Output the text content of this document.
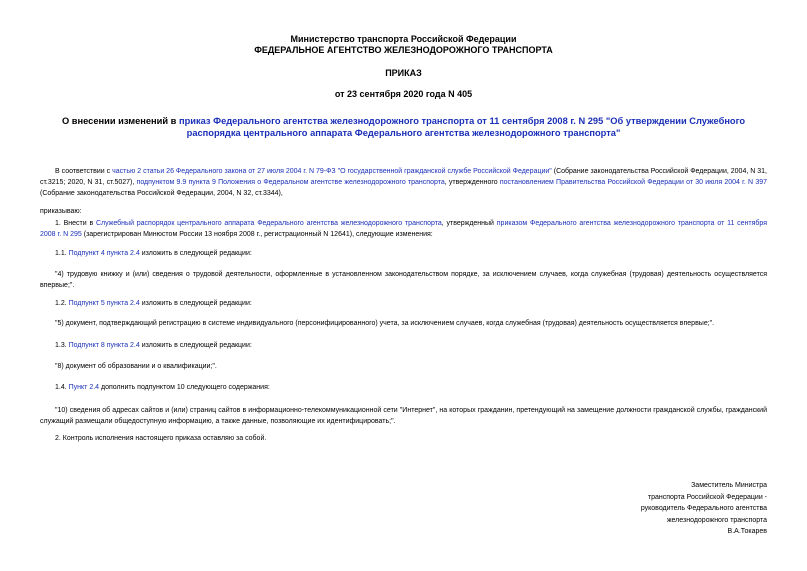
Министерство транспорта Российской Федерации
ФЕДЕРАЛЬНОЕ АГЕНТСТВО ЖЕЛЕЗНОДОРОЖНОГО ТРАНСПОРТА
ПРИКАЗ
от 23 сентября 2020 года N 405
О внесении изменений в приказ Федерального агентства железнодорожного транспорта от 11 сентября 2008 г. N 295 "Об утверждении Служебного распорядка центрального аппарата Федерального агентства железнодорожного транспорта"
В соответствии с частью 2 статьи 26 Федерального закона от 27 июля 2004 г. N 79-ФЗ "О государственной гражданской службе Российской Федерации" (Собрание законодательства Российской Федерации, 2004, N 31, ст.3215; 2020, N 31, ст.5027), подпунктом 9.9 пункта 9 Положения о Федеральном агентстве железнодорожного транспорта, утвержденного постановлением Правительства Российской Федерации от 30 июля 2004 г. N 397 (Собрание законодательства Российской Федерации, 2004, N 32, ст.3344),
приказываю:
1. Внести в Служебный распорядок центрального аппарата Федерального агентства железнодорожного транспорта, утвержденный приказом Федерального агентства железнодорожного транспорта от 11 сентября 2008 г. N 295 (зарегистрирован Минюстом России 13 ноября 2008 г., регистрационный N 12641), следующие изменения:
1.1. Подпункт 4 пункта 2.4 изложить в следующей редакции:
"4) трудовую книжку и (или) сведения о трудовой деятельности, оформленные в установленном законодательством порядке, за исключением случаев, когда служебная (трудовая) деятельность осуществляется впервые;".
1.2. Подпункт 5 пункта 2.4 изложить в следующей редакции:
"5) документ, подтверждающий регистрацию в системе индивидуального (персонифицированного) учета, за исключением случаев, когда служебная (трудовая) деятельность осуществляется впервые;".
1.3. Подпункт 8 пункта 2.4 изложить в следующей редакции:
"8) документ об образовании и о квалификации;".
1.4. Пункт 2.4 дополнить подпунктом 10 следующего содержания:
"10) сведения об адресах сайтов и (или) страниц сайтов в информационно-телекоммуникационной сети "Интернет", на которых гражданин, претендующий на замещение должности гражданской службы, гражданский служащий размещали общедоступную информацию, а также данные, позволяющие их идентифицировать;".
2. Контроль исполнения настоящего приказа оставляю за собой.
Заместитель Министра
транспорта Российской Федерации -
руководитель Федерального агентства
железнодорожного транспорта
В.А.Токарев
